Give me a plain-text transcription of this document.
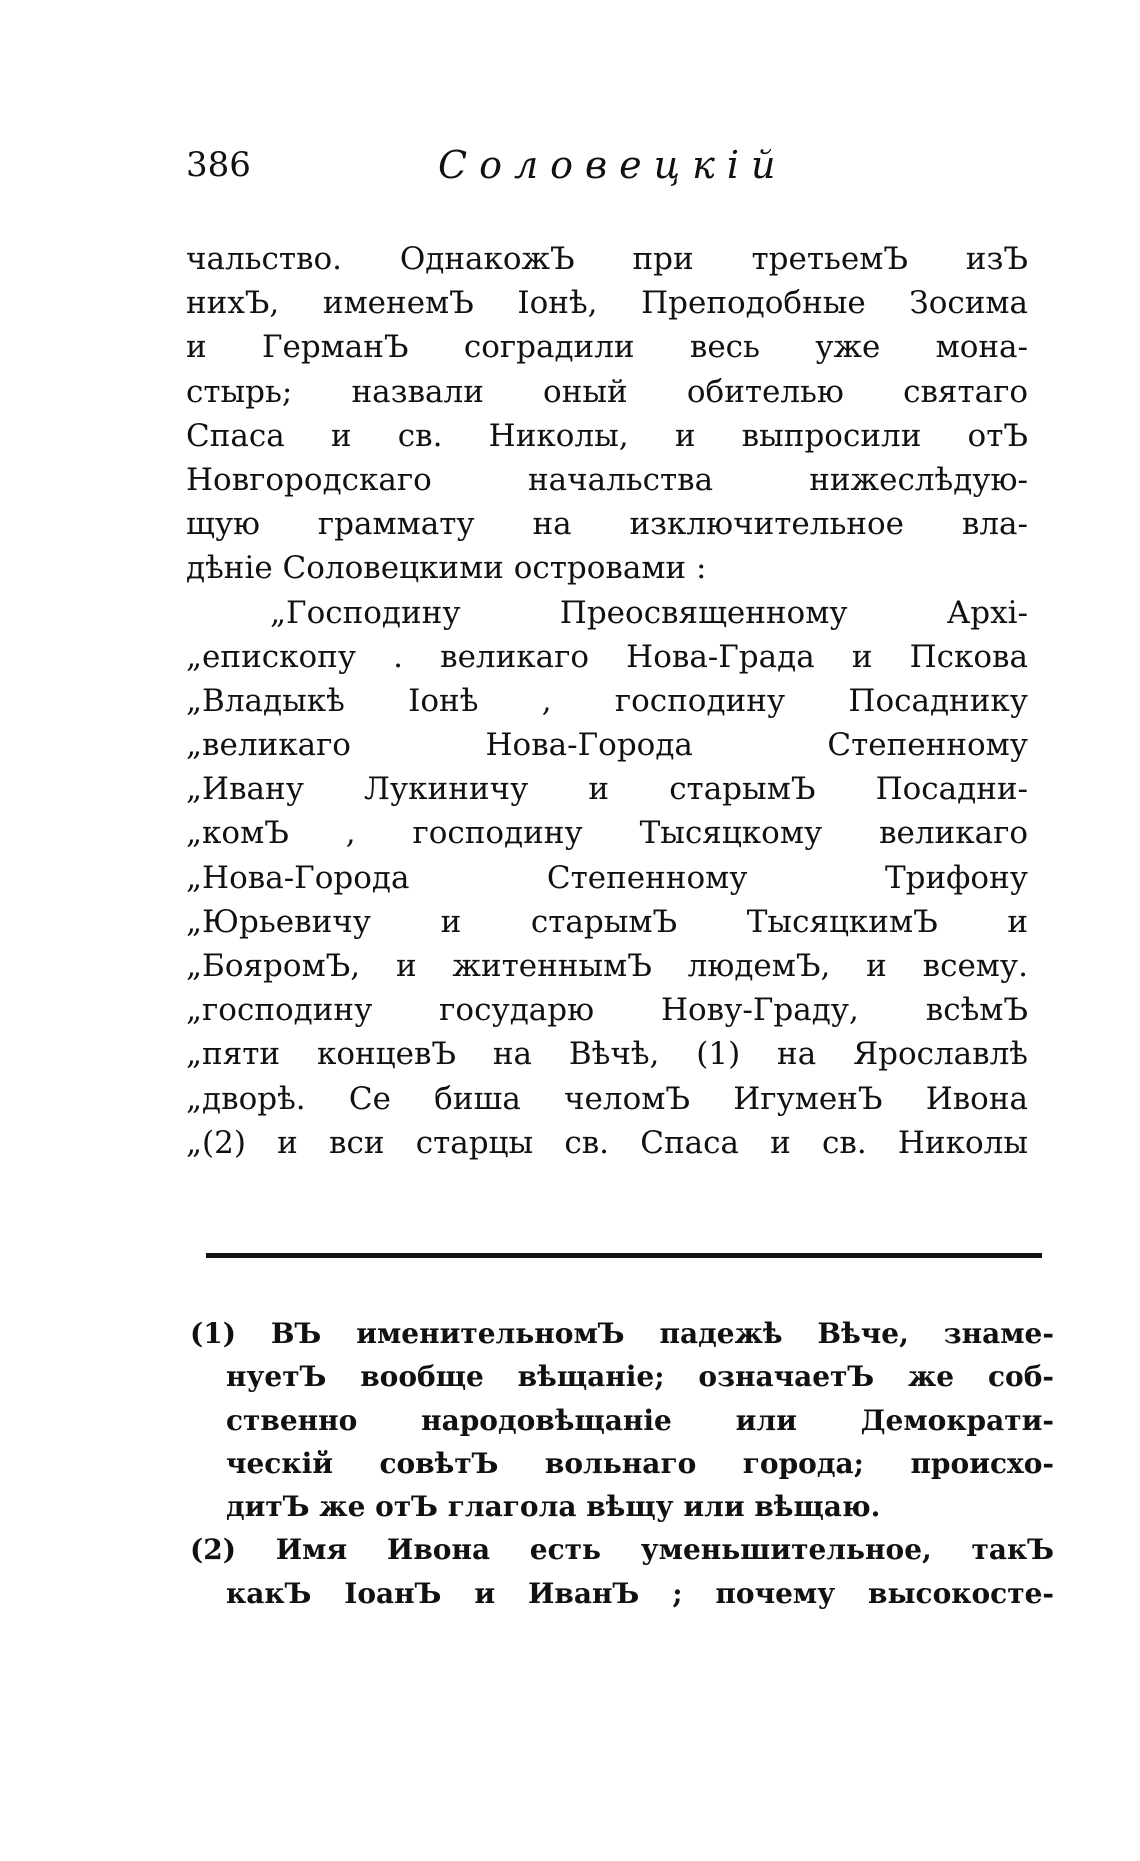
386	Соловецкій
чальство. ОднакожЪ при третьемЪ изЪ
нихЪ, именемЪ Іонѣ, Преподобные Зосима
и ГерманЪ соградили весь уже мона-
стырь; назвали оный обителью святаго
Спаса и св. Николы, и выпросили отЪ
Новгородскаго начальства нижеслѣдую-
щую граммату на изключительное вла-
дѣніе Соловецкими островами :
„Господину Преосвященному Архі-
„епископу . великаго Нова-Града и Пскова
„Владыкѣ Іонѣ , господину Посаднику
„великаго Нова-Города Степенному
„Ивану Лукиничу и старымЪ Посадни-
„комЪ , господину Тысяцкому великаго
„Нова-Города Степенному Трифону
„Юрьевичу и старымЪ ТысяцкимЪ и
„БояромЪ, и житеннымЪ людемЪ, и всему.
„господину государю Нову-Граду, всѣмЪ
„пяти концевЪ на Вѣчѣ, (1) на Ярославлѣ
„дворѣ. Се биша челомЪ ИгуменЪ Ивона
„(2) и вси старцы св. Спаса и св. Николы
(1) ВЪ именительномЪ падежѣ Вѣче, знаме-
нуетЪ вообще вѣщаніе; означаетЪ же соб-
ственно народовѣщаніе или Демократи-
ческій совѣтЪ вольнаго города; происхо-
дитЪ же отЪ глагола вѣщу или вѣщаю.
(2) Имя Ивона есть уменьшительное, такЪ
какЪ ІоанЪ и ИванЪ ; почему высокосте-
